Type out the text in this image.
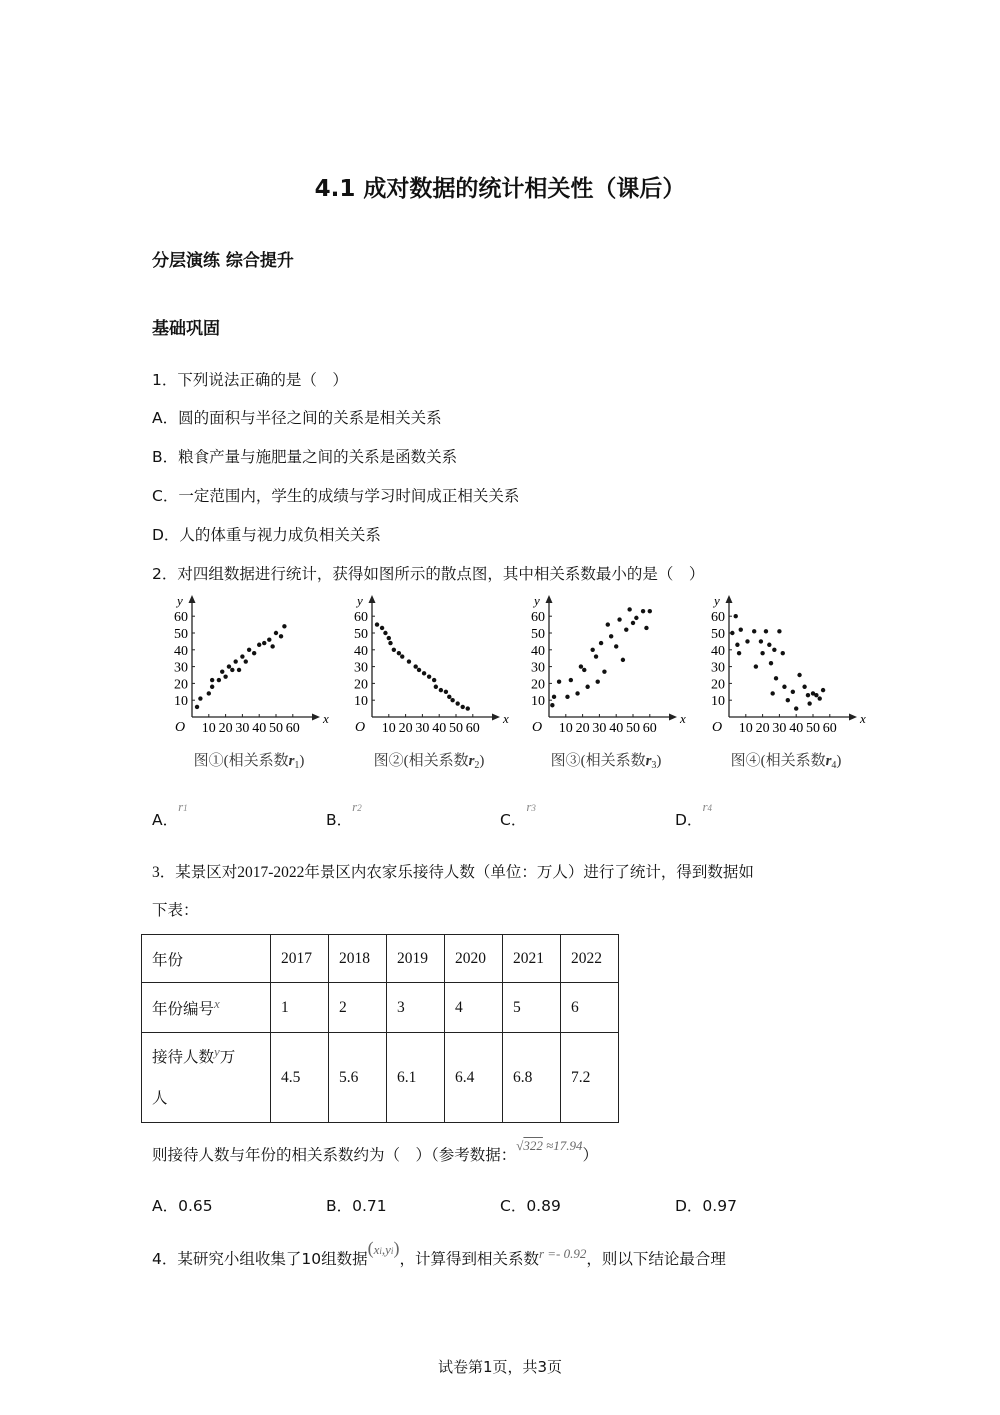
4.1 成对数据的统计相关性（课后）
分层演练 综合提升
基础巩固
1．下列说法正确的是（　）
A．圆的面积与半径之间的关系是相关关系
B．粮食产量与施肥量之间的关系是函数关系
C．一定范围内，学生的成绩与学习时间成正相关关系
D．人的体重与视力成负相关关系
2．对四组数据进行统计，获得如图所示的散点图，其中相关系数最小的是（　）
x
y
O
10
20
30
40
50
60
10 20 30 40 50 60
图①(相关系数$r_1$)
x
y
O
10
20
30
40
50
60
10 20 30 40 50 60
图②(相关系数$r_2$)
x
y
O
10
20
30
40
50
60
10 20 30 40 50 60
图③(相关系数$r_3$)
x
y
O
10
20
30
40
50
60
10 20 30 40 50 60
图④(相关系数$r_4$)
A．$^{r1}$
B．$^{r2}$
C．$^{r3}$
D．$^{r4}$
3．某景区对2017-2022年景区内农家乐接待人数（单位：万人）进行了统计，得到数据如
下表：
年份	2017	2018	2019	2020	2021	2022
年份编号$^x$	1	2	3	4	5	6
接待人数$^y$万
人	4.5	5.6	6.1	6.4	6.8	7.2
则接待人数与年份的相关系数约为（　）（参考数据：$^{√322 \approx 17.94}$）
A．0.65	B．0.71	C．0.89	D．0.97
4．某研究小组收集了10组数据$^{(xi,yi)}$，计算得到相关系数$^{r =- 0.92}$，则以下结论最合理
试卷第1页，共3页
